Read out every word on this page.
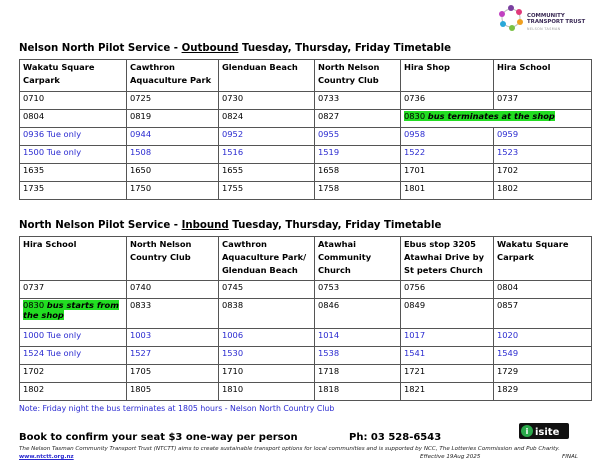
COMMUNITY
TRANSPORT TRUST
NELSON TASMAN
Nelson North Pilot Service - Outbound Tuesday, Thursday, Friday Timetable
Wakatu Square Carpark	Cawthron Aquaculture Park	Glenduan Beach	North Nelson Country Club	Hira Shop	Hira School
0710	0725	0730	0733	0736	0737
0804	0819	0824	0827	0830 bus terminates at the shop	
0936 Tue only	0944	0952	0955	0958	0959
1500 Tue only	1508	1516	1519	1522	1523
1635	1650	1655	1658	1701	1702
1735	1750	1755	1758	1801	1802
North Nelson Pilot Service - Inbound Tuesday, Thursday, Friday Timetable
Hira School	North Nelson Country Club	Cawthron Aquaculture Park/ Glenduan Beach	Atawhai Community Church	Ebus stop 3205 Atawhai Drive by St peters Church	Wakatu Square Carpark
0737	0740	0745	0753	0756	0804
0830 bus starts from the shop	0833	0838	0846	0849	0857
1000 Tue only	1003	1006	1014	1017	1020
1524 Tue only	1527	1530	1538	1541	1549
1702	1705	1710	1718	1721	1729
1802	1805	1810	1818	1821	1829
Note: Friday night the bus terminates at 1805 hours - Nelson North Country Club
Book to confirm your seat $3 one-way per person	Ph: 03 528-6543
i isite
The Nelson Tasman Community Transport Trust (NTCTT) aims to create sustainable transport options for local communities and is supported by NCC, The Lotteries Commission and Pub Charity.
www.ntctt.org.nz	Effective 19Aug 2025	FINAL
